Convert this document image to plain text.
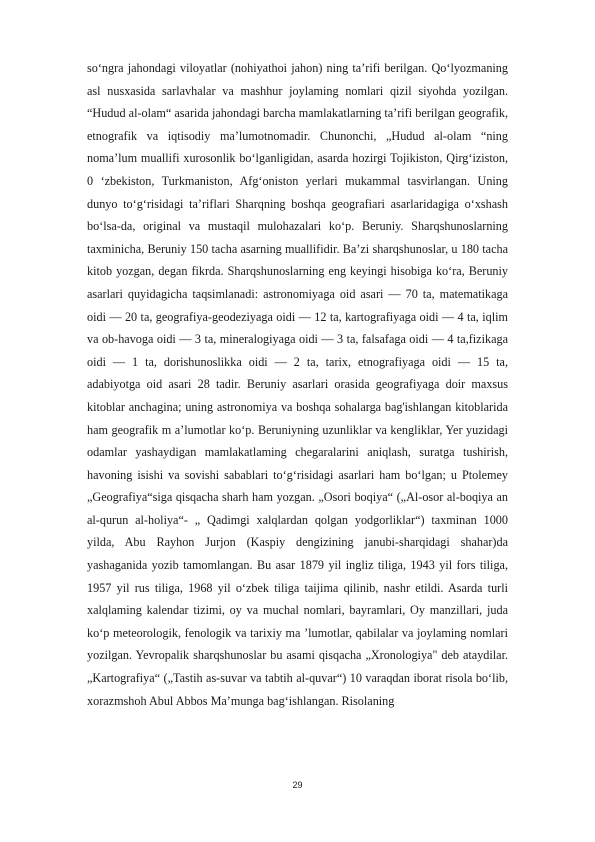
so‘ngra jahondagi viloyatlar (nohiyathoi jahon) ning ta’rifi berilgan. Qo‘lyozmaning asl nusxasida sarlavhalar va mashhur joylaming nomlari qizil siyohda yozilgan. “Hudud al-olam“ asarida jahondagi barcha mamlakatlarning ta’rifi berilgan geografik, etnografik va iqtisodiy ma’lumotnomadir. Chunonchi, „Hudud al-olam “ning noma’lum muallifi xurosonlik bo‘lganligidan, asarda hozirgi Tojikiston, Qirg‘iziston, 0 ‘zbekiston, Turkmaniston, Afg‘oniston yerlari mukammal tasvirlangan. Uning dunyo to‘g‘risidagi ta’riflari Sharqning boshqa geografiari asarlaridagiga o‘xshash bo‘lsa-da, original va mustaqil mulohazalari ko‘p. Beruniy. Sharqshunoslarning taxminicha, Beruniy 150 tacha asarning muallifidir. Ba’zi sharqshunoslar, u 180 tacha kitob yozgan, degan fikrda. Sharqshunoslarning eng keyingi hisobiga ko‘ra, Beruniy asarlari quyidagicha taqsimlanadi: astronomiyaga oid asari — 70 ta, matematikaga oidi — 20 ta, geografiya-geodeziyaga oidi — 12 ta, kartografiyaga oidi — 4 ta, iqlim va ob-havoga oidi — 3 ta, mineralogiyaga oidi — 3 ta, falsafaga oidi — 4 ta,fizikaga oidi — 1 ta, dorishunoslikka oidi — 2 ta, tarix, etnografiyaga oidi — 15 ta, adabiyotga oid asari 28 tadir. Beruniy asarlari orasida geografiyaga doir maxsus kitoblar anchagina; uning astronomiya va boshqa sohalarga bag'ishlangan kitoblarida ham geografik m a’lumotlar ko‘p. Beruniyning uzunliklar va kengliklar, Yer yuzidagi odamlar yashaydigan mamlakatlaming chegaralarini aniqlash, suratga tushirish, havoning isishi va sovishi sabablari to‘g‘risidagi asarlari ham bo‘lgan; u Ptolemey „Geografiya“siga qisqacha sharh ham yozgan. „Osori boqiya“ („Al-osor al-boqiya an al-qurun al-holiya“- „ Qadimgi xalqlardan qolgan yodgorliklar“) taxminan 1000 yilda, Abu Rayhon Jurjon (Kaspiy dengizining janubi-sharqidagi shahar)da yashaganida yozib tamomlangan. Bu asar 1879 yil ingliz tiliga, 1943 yil fors tiliga, 1957 yil rus tiliga, 1968 yil o‘zbek tiliga taijima qilinib, nashr etildi. Asarda turli xalqlaming kalendar tizimi, oy va muchal nomlari, bayramlari, Oy manzillari, juda ko‘p meteorologik, fenologik va tarixiy ma ’lumotlar, qabilalar va joylaming nomlari yozilgan. Yevropalik sharqshunoslar bu asami qisqacha „Xronologiya" deb ataydilar. „Kartografiya“ („Tastih as-suvar va tabtih al-quvar“) 10 varaqdan iborat risola bo‘lib, xorazmshoh Abul Abbos Ma’munga bag‘ishlangan. Risolaning

29
